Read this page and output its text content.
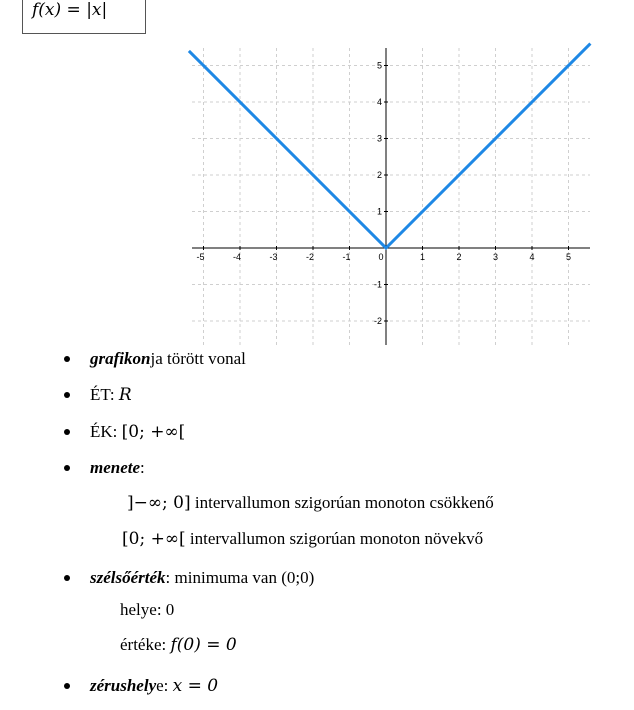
f(x) = |x|
-5	-4	-3	-2	-1	0	1	2	3	4	5
5
4
3
2
1
-1
-2
grafikonja törött vonal
ÉT: R
ÉK: [0; +∞[
menete:
]−∞; 0] intervallumon szigorúan monoton csökkenő
[0; +∞[ intervallumon szigorúan monoton növekvő
szélsőérték: minimuma van (0;0)
helye: 0
értéke: f(0) = 0
zérushelye: x = 0
